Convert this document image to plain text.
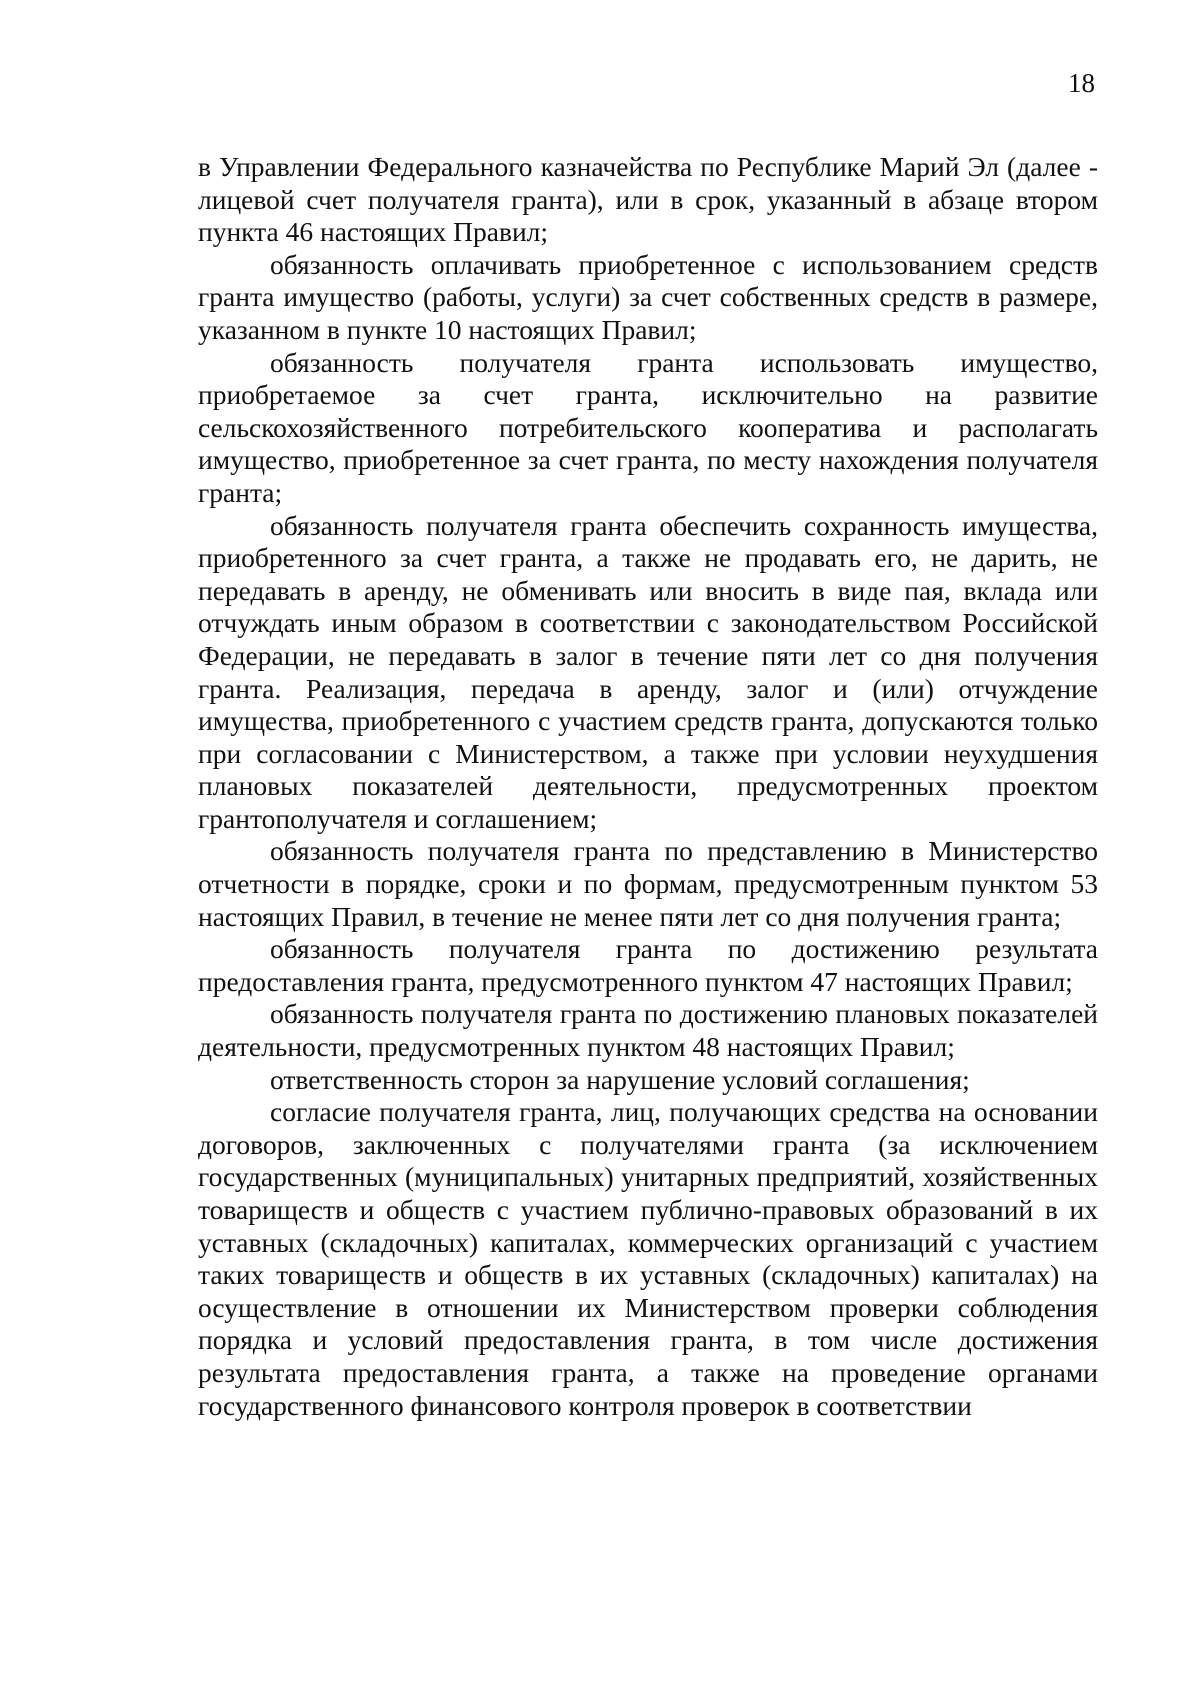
18

в Управлении Федерального казначейства по Республике Марий Эл (далее - лицевой счет получателя гранта), или в срок, указанный в абзаце втором пункта 46 настоящих Правил;

обязанность оплачивать приобретенное с использованием средств гранта имущество (работы, услуги) за счет собственных средств в размере, указанном в пункте 10 настоящих Правил;

обязанность получателя гранта использовать имущество, приобретаемое за счет гранта, исключительно на развитие сельскохозяйственного потребительского кооператива и располагать имущество, приобретенное за счет гранта, по месту нахождения получателя гранта;

обязанность получателя гранта обеспечить сохранность имущества, приобретенного за счет гранта, а также не продавать его, не дарить, не передавать в аренду, не обменивать или вносить в виде пая, вклада или отчуждать иным образом в соответствии с законодательством Российской Федерации, не передавать в залог в течение пяти лет со дня получения гранта. Реализация, передача в аренду, залог и (или) отчуждение имущества, приобретенного с участием средств гранта, допускаются только при согласовании с Министерством, а также при условии неухудшения плановых показателей деятельности, предусмотренных проектом грантополучателя и соглашением;

обязанность получателя гранта по представлению в Министерство отчетности в порядке, сроки и по формам, предусмотренным пунктом 53 настоящих Правил, в течение не менее пяти лет со дня получения гранта;

обязанность получателя гранта по достижению результата предоставления гранта, предусмотренного пунктом 47 настоящих Правил;

обязанность получателя гранта по достижению плановых показателей деятельности, предусмотренных пунктом 48 настоящих Правил;

ответственность сторон за нарушение условий соглашения;

согласие получателя гранта, лиц, получающих средства на основании договоров, заключенных с получателями гранта (за исключением государственных (муниципальных) унитарных предприятий, хозяйственных товариществ и обществ с участием публично-правовых образований в их уставных (складочных) капиталах, коммерческих организаций с участием таких товариществ и обществ в их уставных (складочных) капиталах) на осуществление в отношении их Министерством проверки соблюдения порядка и условий предоставления гранта, в том числе достижения результата предоставления гранта, а также на проведение органами государственного финансового контроля проверок в соответствии
